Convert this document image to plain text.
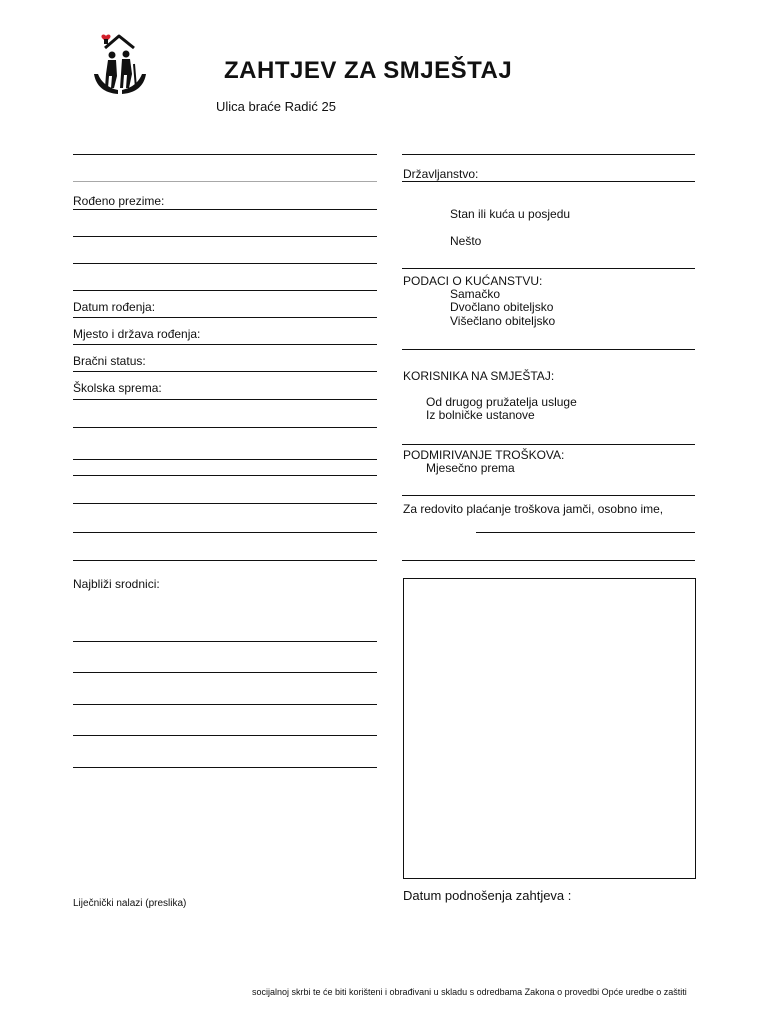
ZAHTJEV ZA SMJEŠTAJ
Ulica braće Radić 25
Rođeno prezime:
Datum rođenja:
Mjesto i država rođenja:
Bračni status:
Školska sprema:
Najbliži srodnici:
Liječnički nalazi (preslika)
Državljanstvo:
Stan ili kuća u posjedu
Nešto
PODACI O KUĆANSTVU:
Samačko
Dvočlano obiteljsko
Višečlano obiteljsko
KORISNIKA NA SMJEŠTAJ:
Od drugog pružatelja usluge
Iz bolničke ustanove
PODMIRIVANJE TROŠKOVA:
Mjesečno prema
Za redovito plaćanje troškova jamči, osobno ime,
Datum podnošenja zahtjeva :
socijalnoj skrbi te će biti korišteni i obrađivani u skladu s odredbama Zakona o provedbi Opće uredbe o zaštiti
